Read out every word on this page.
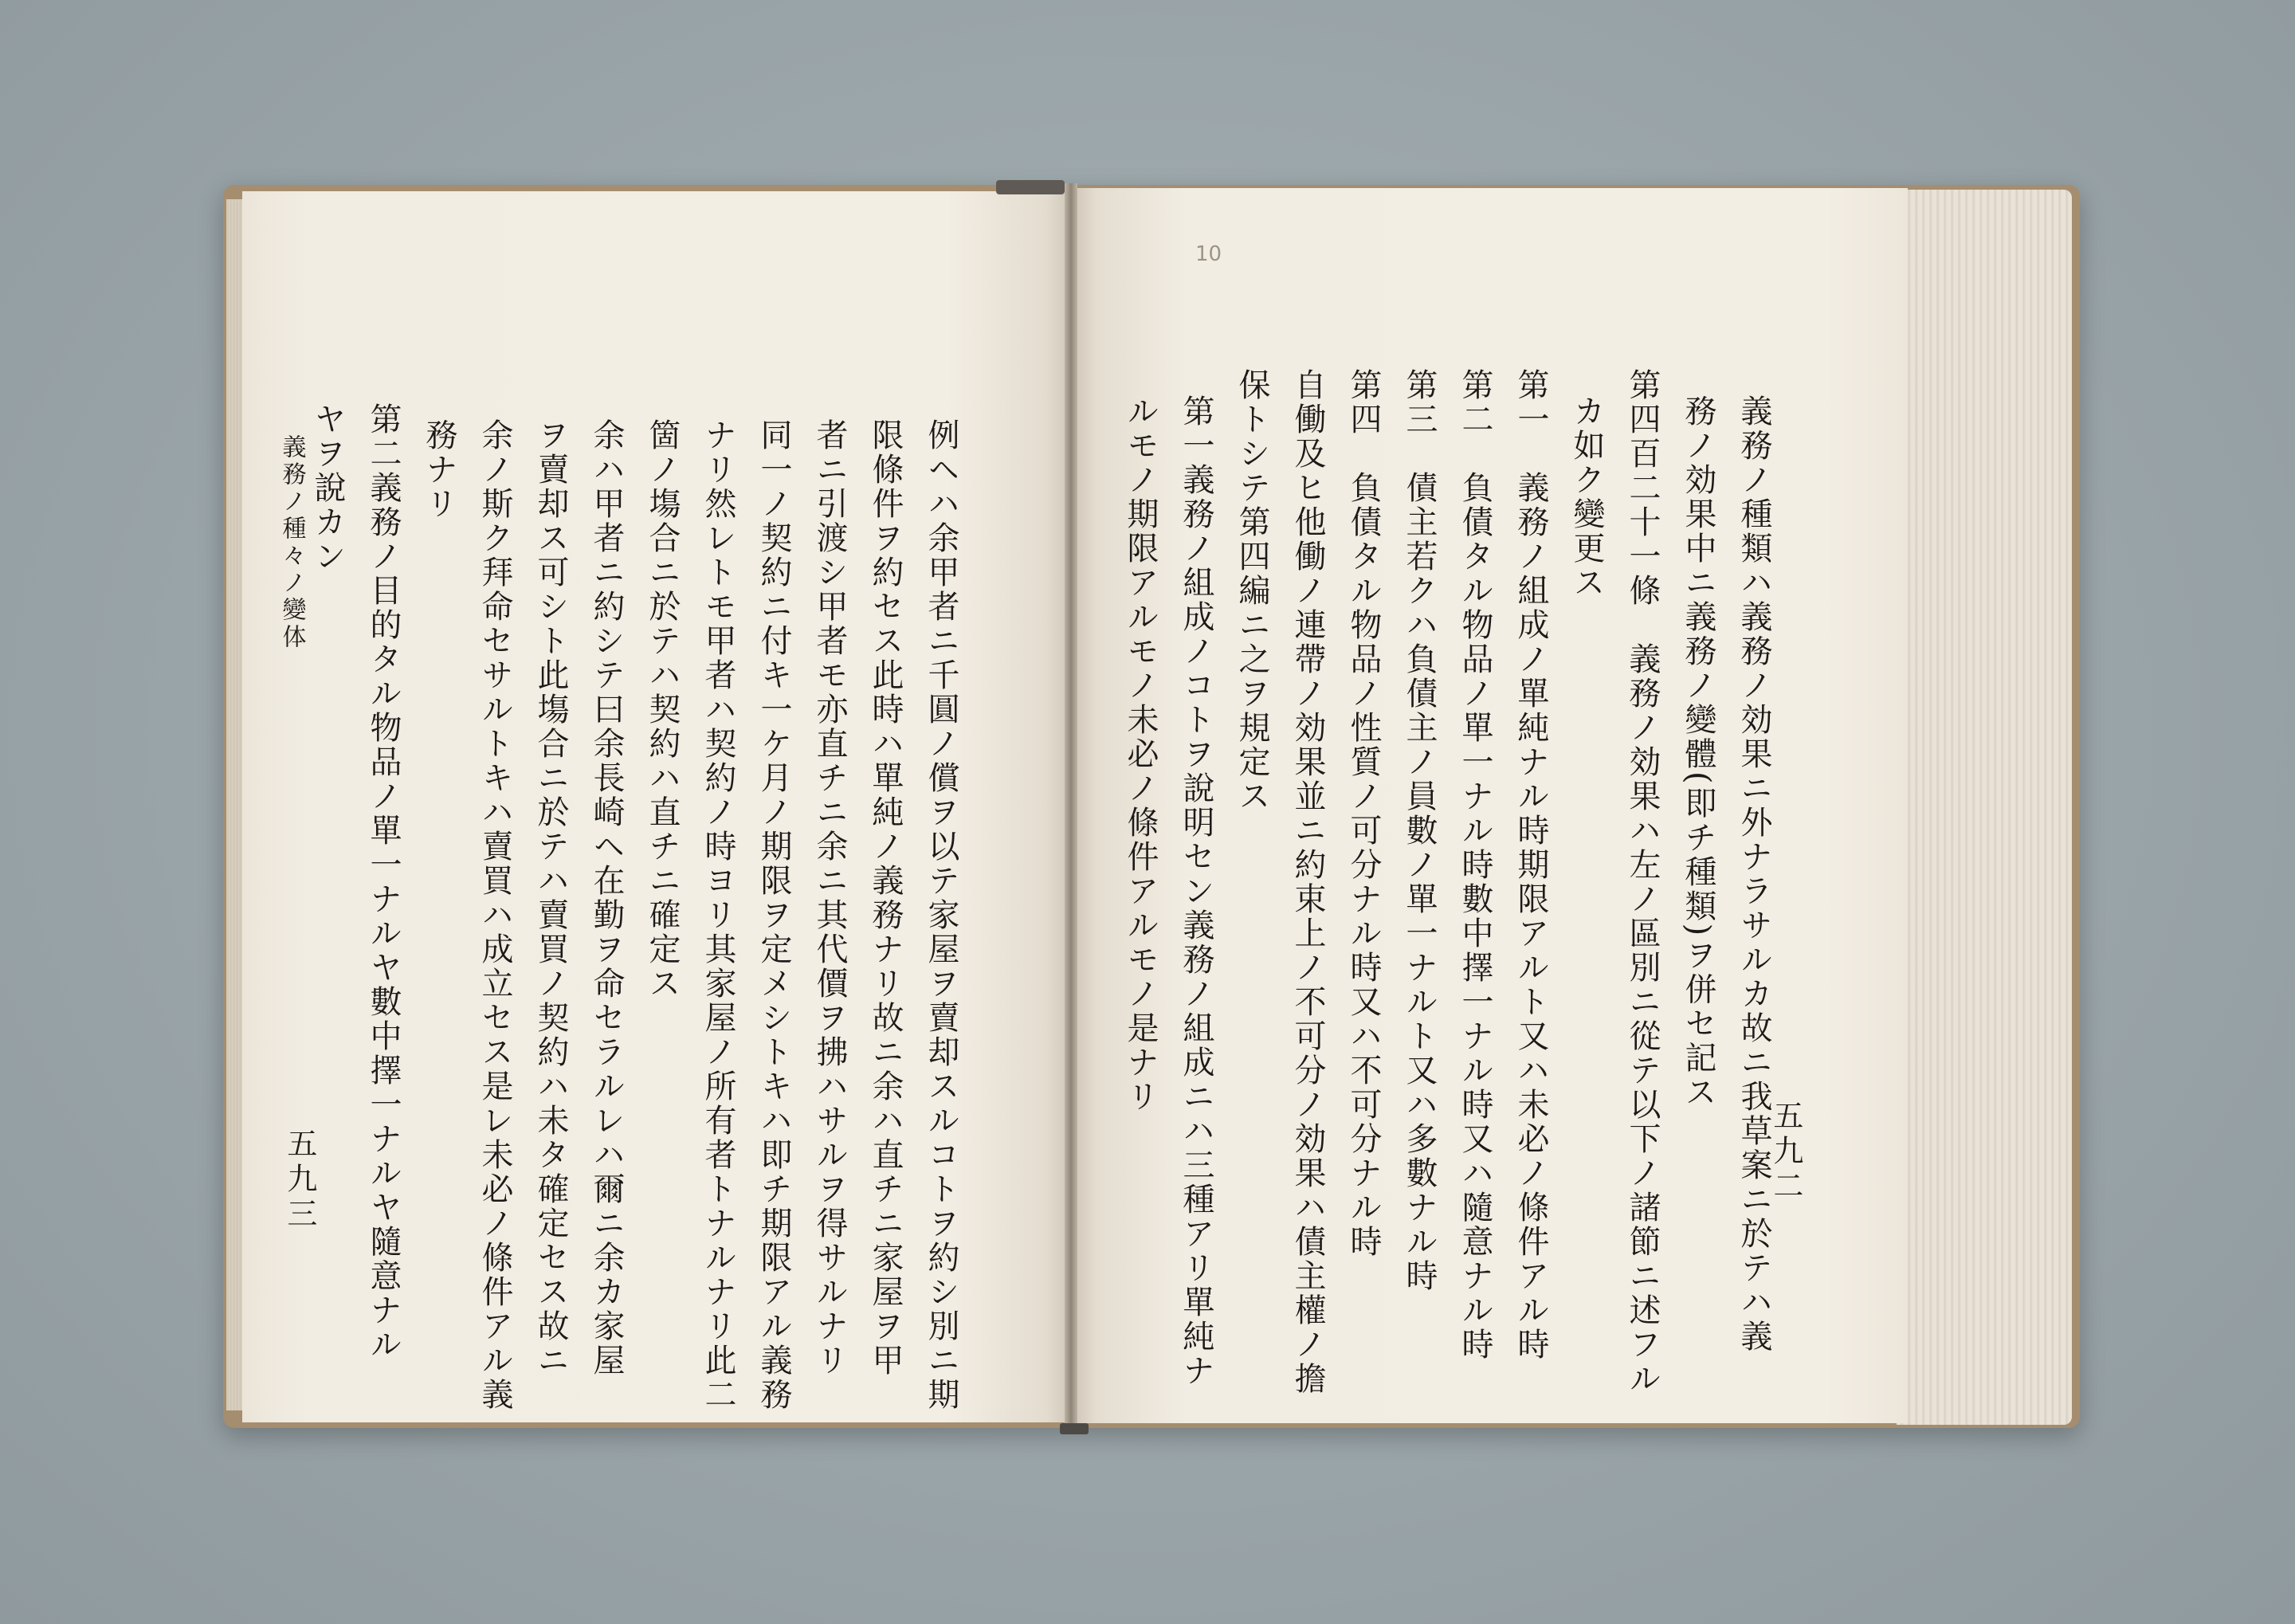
10
五九二
義務ノ種類ハ義務ノ効果ニ外ナラサルカ故ニ我草案ニ於テハ義
務ノ効果中ニ義務ノ變體(即チ種類)ヲ併セ記ス
第四百二十一條　義務ノ効果ハ左ノ區別ニ從テ以下ノ諸節ニ述フル
カ如ク變更ス
第一　義務ノ組成ノ單純ナル時期限アルト又ハ未必ノ條件アル時
第二　負債タル物品ノ單一ナル時數中擇一ナル時又ハ隨意ナル時
第三　債主若クハ負債主ノ員數ノ單一ナルト又ハ多數ナル時
第四　負債タル物品ノ性質ノ可分ナル時又ハ不可分ナル時
自働及ヒ他働ノ連帶ノ効果並ニ約束上ノ不可分ノ効果ハ債主權ノ擔
保トシテ第四編ニ之ヲ規定ス
第一義務ノ組成ノコトヲ說明セン義務ノ組成ニハ三種アリ單純ナ
ルモノ期限アルモノ未必ノ條件アルモノ是ナリ
例ヘハ余甲者ニ千圓ノ償ヲ以テ家屋ヲ賣却スルコトヲ約シ別ニ期
限條件ヲ約セス此時ハ單純ノ義務ナリ故ニ余ハ直チニ家屋ヲ甲
者ニ引渡シ甲者モ亦直チニ余ニ其代價ヲ拂ハサルヲ得サルナリ
同一ノ契約ニ付キ一ケ月ノ期限ヲ定メシトキハ即チ期限アル義務
ナリ然レトモ甲者ハ契約ノ時ヨリ其家屋ノ所有者トナルナリ此二
箇ノ塲合ニ於テハ契約ハ直チニ確定ス
余ハ甲者ニ約シテ曰余長崎ヘ在勤ヲ命セラルレハ爾ニ余カ家屋
ヲ賣却ス可シト此塲合ニ於テハ賣買ノ契約ハ未タ確定セス故ニ
余ノ斯ク拜命セサルトキハ賣買ハ成立セス是レ未必ノ條件アル義
務ナリ
第二義務ノ目的タル物品ノ單一ナルヤ數中擇一ナルヤ隨意ナル
ヤヲ說カン
義務ノ種々ノ變体
五九三
